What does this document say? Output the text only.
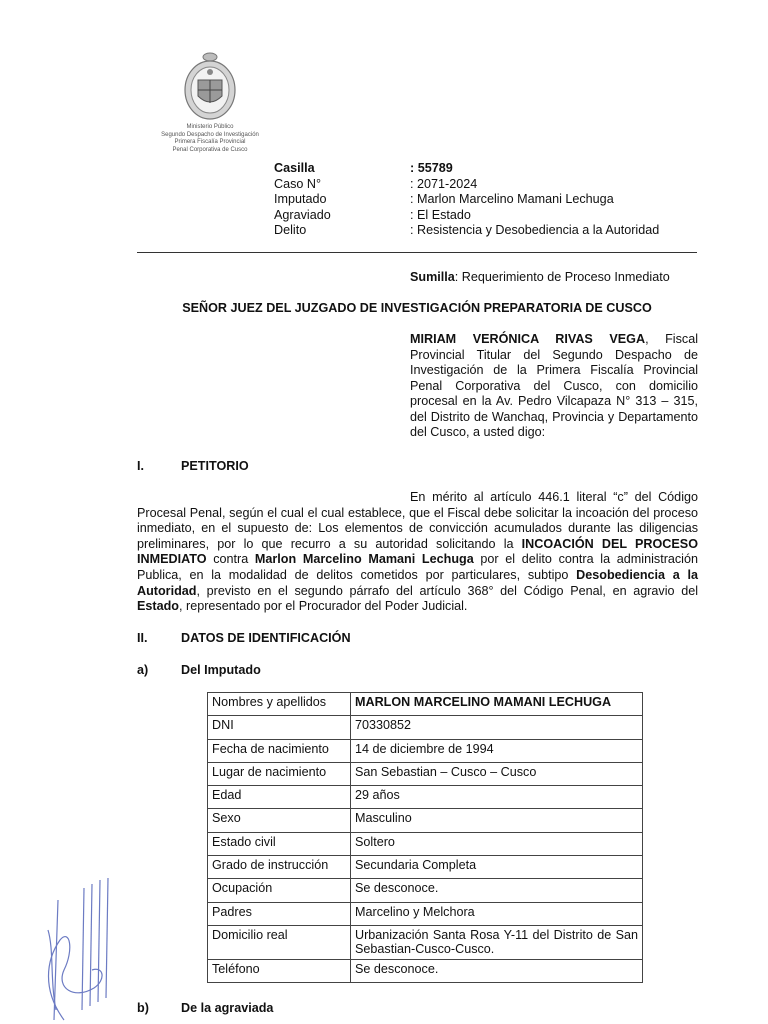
Ministerio Público
Segundo Despacho de Investigación
Primera Fiscalía Provincial
Penal Corporativa de Cusco
Casilla	: 55789
Caso N°	: 2071-2024
Imputado	: Marlon Marcelino Mamani Lechuga
Agraviado	: El Estado
Delito	: Resistencia y Desobediencia a la Autoridad
Sumilla: Requerimiento de Proceso Inmediato
SEÑOR JUEZ DEL JUZGADO DE INVESTIGACIÓN PREPARATORIA DE CUSCO
MIRIAM VERÓNICA RIVAS VEGA, Fiscal Provincial Titular del Segundo Despacho de Investigación de la Primera Fiscalía Provincial Penal Corporativa del Cusco, con domicilio procesal en la Av. Pedro Vilcapaza N° 313 – 315, del Distrito de Wanchaq, Provincia y Departamento del Cusco, a usted digo:
I.	PETITORIO
En mérito al artículo 446.1 literal “c” del Código Procesal Penal, según el cual el cual establece, que el Fiscal debe solicitar la incoación del proceso inmediato, en el supuesto de: Los elementos de convicción acumulados durante las diligencias preliminares, por lo que recurro a su autoridad solicitando la INCOACIÓN DEL PROCESO INMEDIATO contra Marlon Marcelino Mamani Lechuga por el delito contra la administración Publica, en la modalidad de delitos cometidos por particulares, subtipo Desobediencia a la Autoridad, previsto en el segundo párrafo del artículo 368° del Código Penal, en agravio del Estado, representado por el Procurador del Poder Judicial.
II.	DATOS DE IDENTIFICACIÓN
a)	Del Imputado
Nombres y apellidos	MARLON MARCELINO MAMANI LECHUGA
DNI	70330852
Fecha de nacimiento	14 de diciembre de 1994
Lugar de nacimiento	San Sebastian – Cusco – Cusco
Edad	29 años
Sexo	Masculino
Estado civil	Soltero
Grado de instrucción	Secundaria Completa
Ocupación	Se desconoce.
Padres	Marcelino y Melchora
Domicilio real	Urbanización Santa Rosa Y-11 del Distrito de San Sebastian-Cusco-Cusco.
Teléfono	Se desconoce.
b)	De la agraviada
